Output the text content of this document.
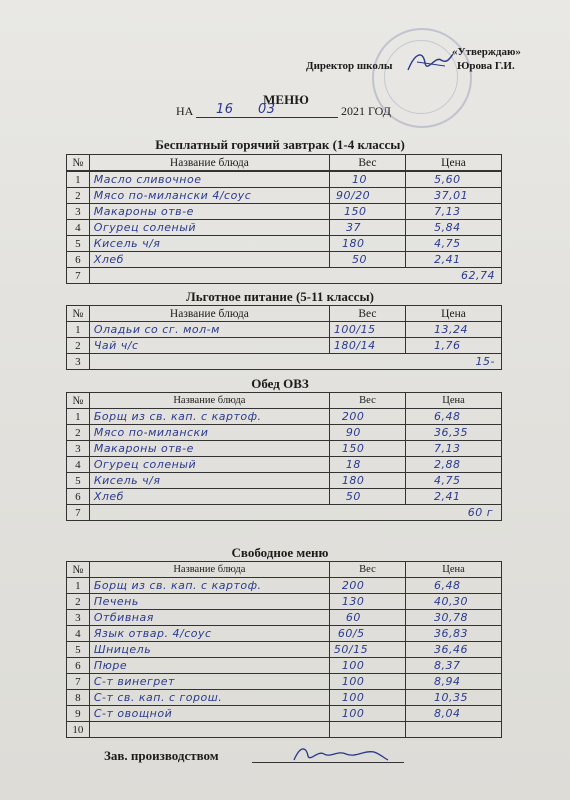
«Утверждаю»
Директор школы	Юрова Г.И.
МЕНЮ
НА 16 03	2021 ГОД
Бесплатный горячий завтрак (1-4 классы)
№	Название блюда	Вес	Цена
1	Масло сливочное	10	5,60

2	Мясо по-милански 4/соус	90/20	37,01

3	Макароны отв-е	150	7,13

4	Огурец соленый	37	5,84

5	Кисель ч/я	180	4,75

6	Хлеб	50	2,41

7	62,74		
Льготное питание (5-11 классы)
№	Название блюда	Вес	Цена
1	Оладьи со сг. мол-м	100/15	13,24

2	Чай ч/с	180/14	1,76

3	15-		
Обед ОВЗ
№	Название блюда	Вес	Цена
1	Борщ из св. кап. с картоф.	200	6,48

2	Мясо по-милански	90	36,35

3	Макароны отв-е	150	7,13

4	Огурец соленый	18	2,88

5	Кисель ч/я	180	4,75

6	Хлеб	50	2,41

7	60 г		
Свободное меню
№	Название блюда	Вес	Цена
1	Борщ из св. кап. с картоф.	200	6,48

2	Печень	130	40,30

3	Отбивная	60	30,78

4	Язык отвар. 4/соус	60/5	36,83

5	Шницель	50/15	36,46

6	Пюре	100	8,37

7	С-т винегрет	100	8,94

8	С-т св. кап. с горош.	100	10,35

9	С-т овощной	100	8,04

10			
Зав. производством
